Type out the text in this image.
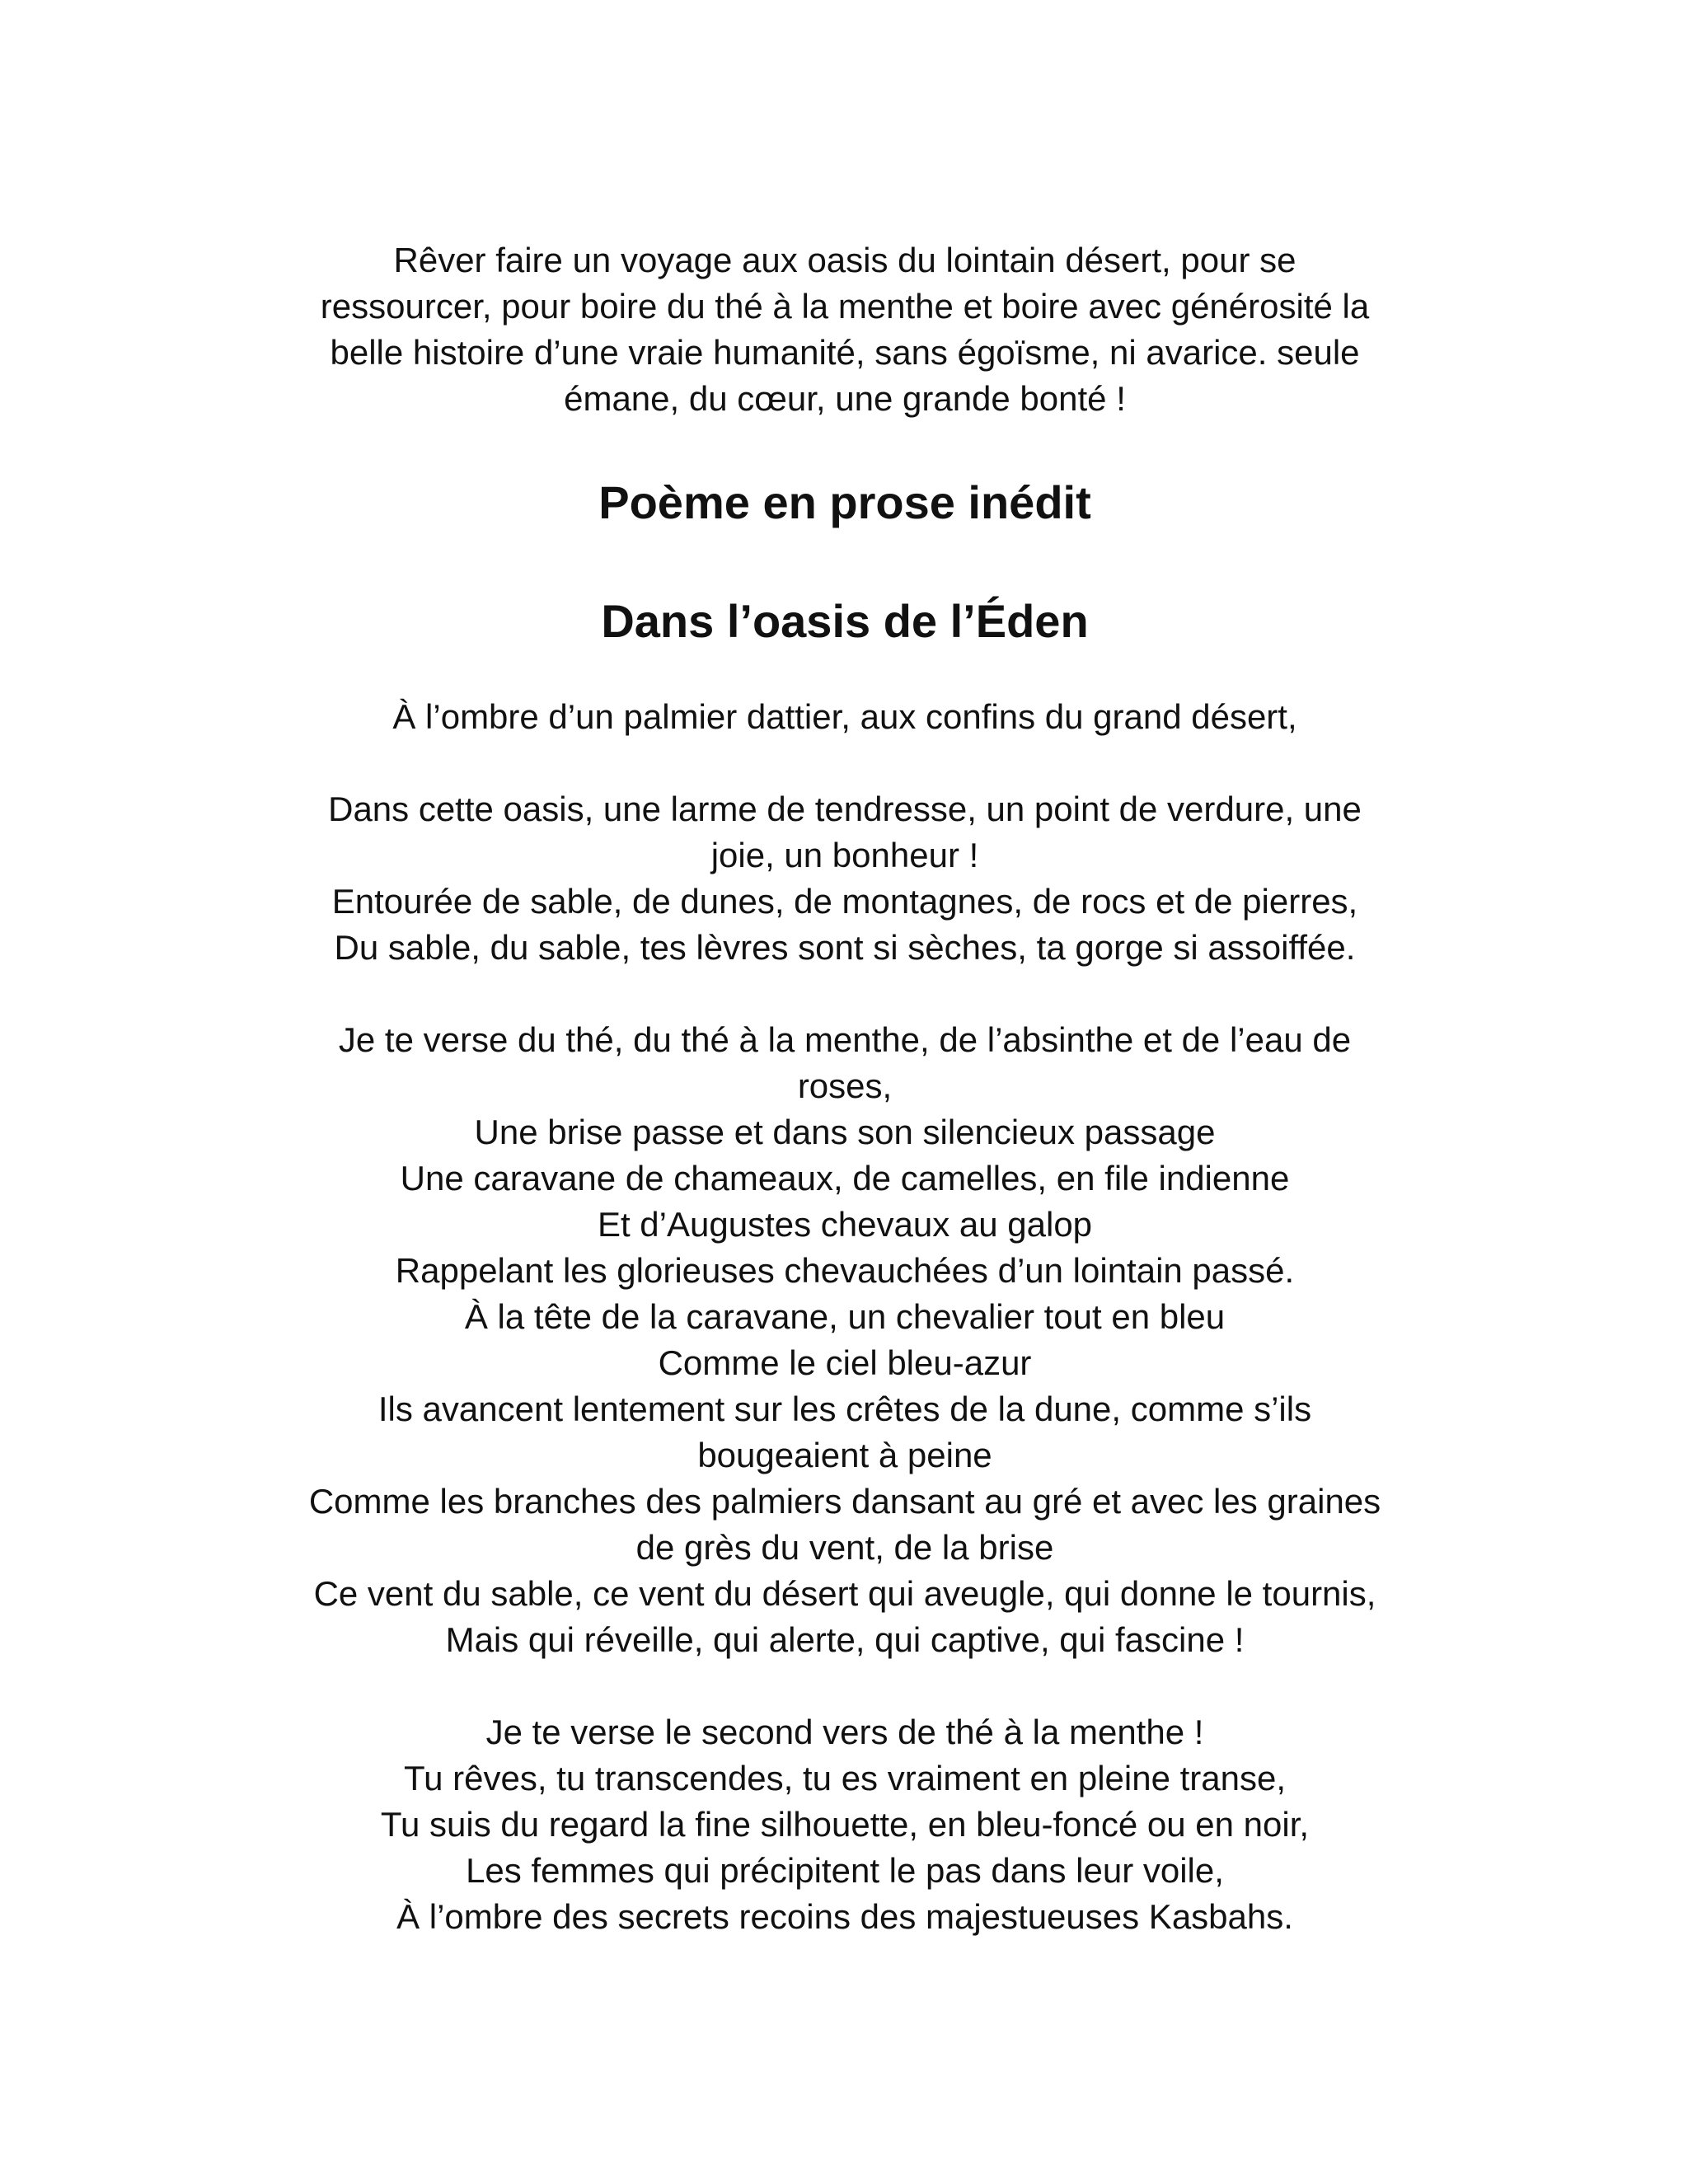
Rêver faire un voyage aux oasis du lointain désert, pour se

ressourcer, pour boire du thé à la menthe et boire avec générosité la

belle histoire d’une vraie humanité, sans égoïsme, ni avarice. seule

émane, du cœur, une grande bonté !

Poème en prose inédit
Dans l’oasis de l’Éden

À l’ombre d’un palmier dattier, aux confins du grand désert,

Dans cette oasis, une larme de tendresse, un point de verdure, une

joie, un bonheur !

Entourée de sable, de dunes, de montagnes, de rocs et de pierres,

Du sable, du sable, tes lèvres sont si sèches, ta gorge si assoiffée.

Je te verse du thé, du thé à la menthe, de l’absinthe et de l’eau de

roses,

Une brise passe et dans son silencieux passage

Une caravane de chameaux, de camelles, en file indienne

Et d’Augustes chevaux au galop

Rappelant les glorieuses chevauchées d’un lointain passé.

À la tête de la caravane, un chevalier tout en bleu

Comme le ciel bleu-azur

Ils avancent lentement sur les crêtes de la dune, comme s’ils

bougeaient à peine

Comme les branches des palmiers dansant au gré et avec les graines

de grès du vent, de la brise

Ce vent du sable, ce vent du désert qui aveugle, qui donne le tournis,

Mais qui réveille, qui alerte, qui captive, qui fascine !

Je te verse le second vers de thé à la menthe !

Tu rêves, tu transcendes, tu es vraiment en pleine transe,

Tu suis du regard la fine silhouette, en bleu-foncé ou en noir,

Les femmes qui précipitent le pas dans leur voile,

À l’ombre des secrets recoins des majestueuses Kasbahs.
